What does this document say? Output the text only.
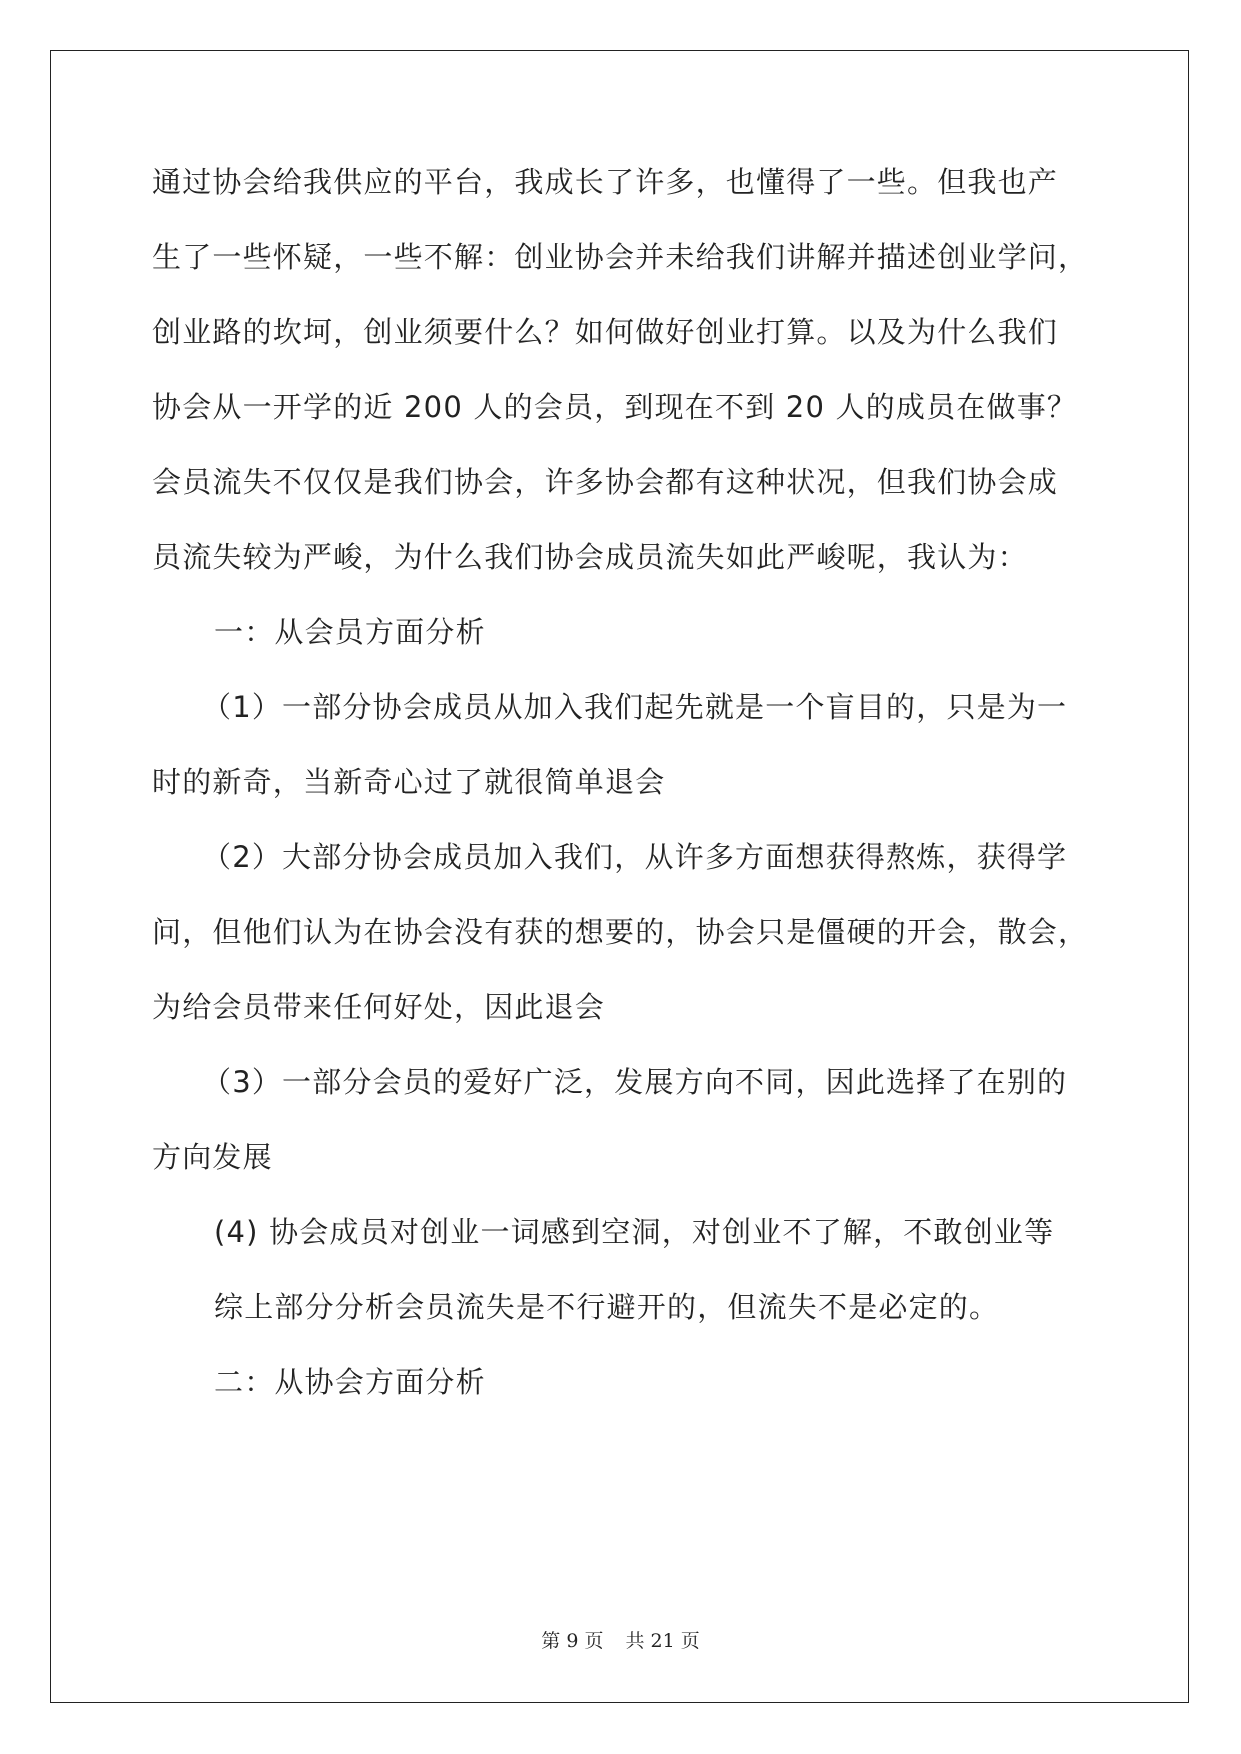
通过协会给我供应的平台，我成长了许多，也懂得了一些。但我也产
生了一些怀疑，一些不解：创业协会并未给我们讲解并描述创业学问，
创业路的坎坷，创业须要什么？如何做好创业打算。以及为什么我们
协会从一开学的近 200 人的会员，到现在不到 20 人的成员在做事？
会员流失不仅仅是我们协会，许多协会都有这种状况，但我们协会成
员流失较为严峻，为什么我们协会成员流失如此严峻呢，我认为：
一：从会员方面分析
（1）一部分协会成员从加入我们起先就是一个盲目的，只是为一
时的新奇，当新奇心过了就很简单退会
（2）大部分协会成员加入我们，从许多方面想获得熬炼，获得学
问，但他们认为在协会没有获的想要的，协会只是僵硬的开会，散会，
为给会员带来任何好处，因此退会
（3）一部分会员的爱好广泛，发展方向不同，因此选择了在别的
方向发展
(4) 协会成员对创业一词感到空洞，对创业不了解，不敢创业等
综上部分分析会员流失是不行避开的，但流失不是必定的。
二：从协会方面分析
第 9 页 共 21 页
